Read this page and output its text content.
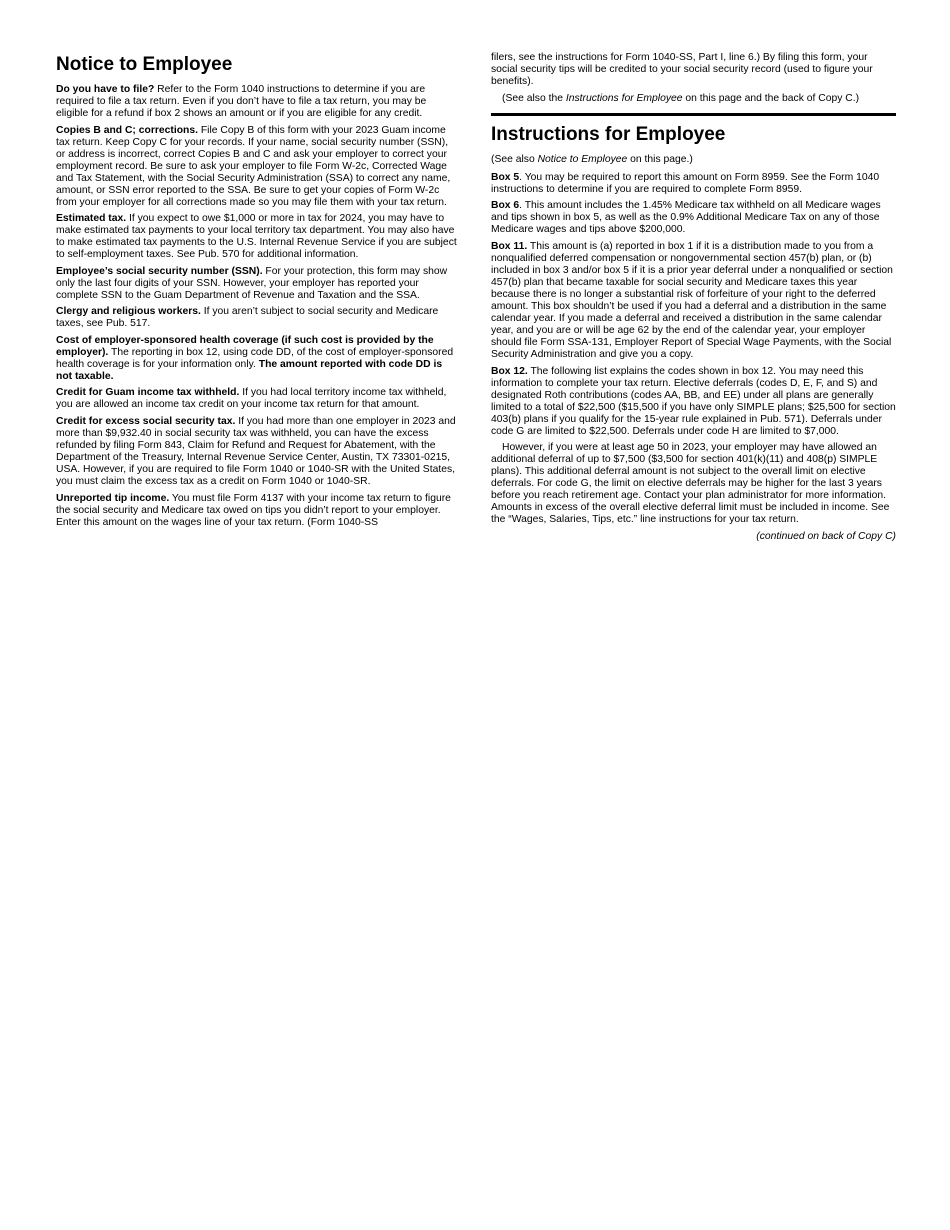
Notice to Employee

Do you have to file? Refer to the Form 1040 instructions to determine if you are required to file a tax return. Even if you don’t have to file a tax return, you may be eligible for a refund if box 2 shows an amount or if you are eligible for any credit.

Copies B and C; corrections. File Copy B of this form with your 2023 Guam income tax return. Keep Copy C for your records. If your name, social security number (SSN), or address is incorrect, correct Copies B and C and ask your employer to correct your employment record. Be sure to ask your employer to file Form W-2c, Corrected Wage and Tax Statement, with the Social Security Administration (SSA) to correct any name, amount, or SSN error reported to the SSA. Be sure to get your copies of Form W-2c from your employer for all corrections made so you may file them with your tax return.

Estimated tax. If you expect to owe $1,000 or more in tax for 2024, you may have to make estimated tax payments to your local territory tax department. You may also have to make estimated tax payments to the U.S. Internal Revenue Service if you are subject to self-employment taxes. See Pub. 570 for additional information.

Employee’s social security number (SSN). For your protection, this form may show only the last four digits of your SSN. However, your employer has reported your complete SSN to the Guam Department of Revenue and Taxation and the SSA.

Clergy and religious workers. If you aren’t subject to social security and Medicare taxes, see Pub. 517.

Cost of employer-sponsored health coverage (if such cost is provided by the employer). The reporting in box 12, using code DD, of the cost of employer-sponsored health coverage is for your information only. The amount reported with code DD is not taxable.

Credit for Guam income tax withheld. If you had local territory income tax withheld, you are allowed an income tax credit on your income tax return for that amount.

Credit for excess social security tax. If you had more than one employer in 2023 and more than $9,932.40 in social security tax was withheld, you can have the excess refunded by filing Form 843, Claim for Refund and Request for Abatement, with the Department of the Treasury, Internal Revenue Service Center, Austin, TX 73301-0215, USA. However, if you are required to file Form 1040 or 1040-SR with the United States, you must claim the excess tax as a credit on Form 1040 or 1040-SR.

Unreported tip income. You must file Form 4137 with your income tax return to figure the social security and Medicare tax owed on tips you didn’t report to your employer. Enter this amount on the wages line of your tax return. (Form 1040-SS

filers, see the instructions for Form 1040-SS, Part I, line 6.) By filing this form, your social security tips will be credited to your social security record (used to figure your benefits).

(See also the Instructions for Employee on this page and the back of Copy C.)

Instructions for Employee

(See also Notice to Employee on this page.)

Box 5. You may be required to report this amount on Form 8959. See the Form 1040 instructions to determine if you are required to complete Form 8959.

Box 6. This amount includes the 1.45% Medicare tax withheld on all Medicare wages and tips shown in box 5, as well as the 0.9% Additional Medicare Tax on any of those Medicare wages and tips above $200,000.

Box 11. This amount is (a) reported in box 1 if it is a distribution made to you from a nonqualified deferred compensation or nongovernmental section 457(b) plan, or (b) included in box 3 and/or box 5 if it is a prior year deferral under a nonqualified or section 457(b) plan that became taxable for social security and Medicare taxes this year because there is no longer a substantial risk of forfeiture of your right to the deferred amount. This box shouldn’t be used if you had a deferral and a distribution in the same calendar year. If you made a deferral and received a distribution in the same calendar year, and you are or will be age 62 by the end of the calendar year, your employer should file Form SSA-131, Employer Report of Special Wage Payments, with the Social Security Administration and give you a copy.

Box 12. The following list explains the codes shown in box 12. You may need this information to complete your tax return. Elective deferrals (codes D, E, F, and S) and designated Roth contributions (codes AA, BB, and EE) under all plans are generally limited to a total of $22,500 ($15,500 if you have only SIMPLE plans; $25,500 for section 403(b) plans if you qualify for the 15-year rule explained in Pub. 571). Deferrals under code G are limited to $22,500. Deferrals under code H are limited to $7,000.

However, if you were at least age 50 in 2023, your employer may have allowed an additional deferral of up to $7,500 ($3,500 for section 401(k)(11) and 408(p) SIMPLE plans). This additional deferral amount is not subject to the overall limit on elective deferrals. For code G, the limit on elective deferrals may be higher for the last 3 years before you reach retirement age. Contact your plan administrator for more information. Amounts in excess of the overall elective deferral limit must be included in income. See the “Wages, Salaries, Tips, etc.” line instructions for your tax return.

(continued on back of Copy C)
